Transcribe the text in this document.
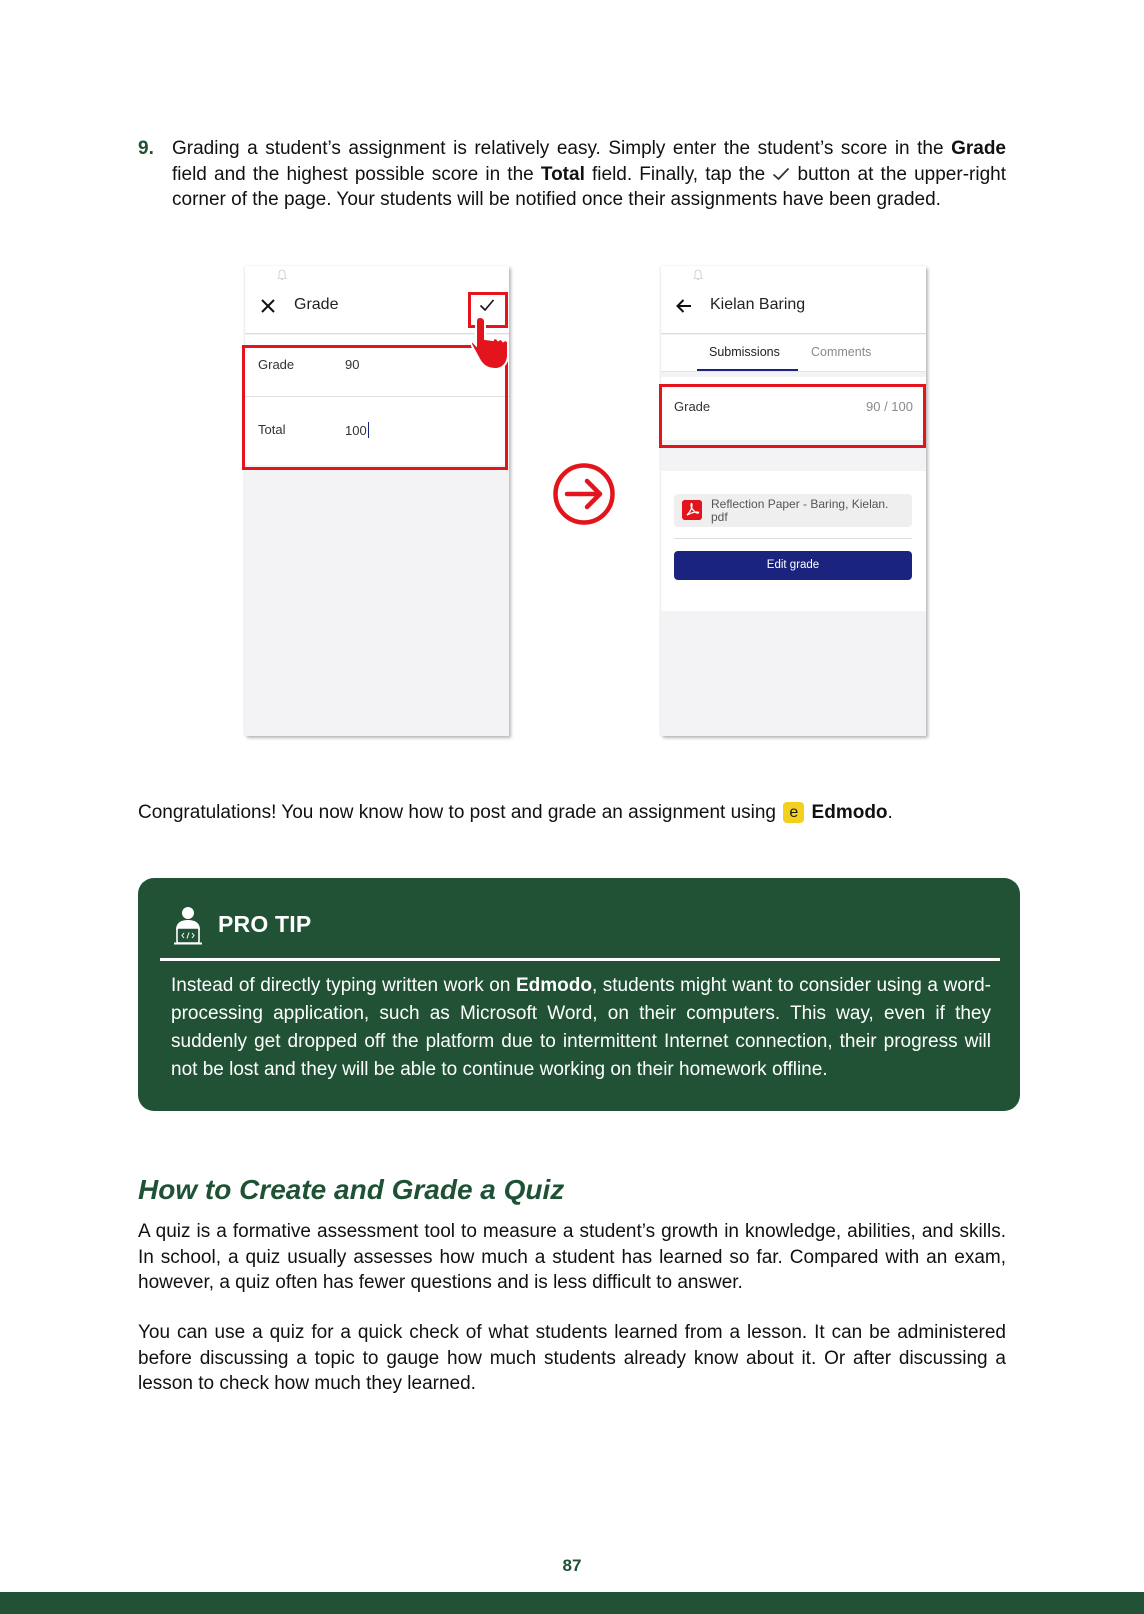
9. Grading a student’s assignment is relatively easy. Simply enter the student’s score in the Grade field and the highest possible score in the Total field. Finally, tap the  button at the upper-right corner of the page. Your students will be notified once their assignments have been graded.
Grade
Grade	90
Total	100
Kielan Baring
Submissions Comments
Grade	90 / 100
Reflection Paper - Baring, Kielan. pdf
Edit grade
Congratulations! You now know how to post and grade an assignment using e Edmodo.
PRO TIP
Instead of directly typing written work on Edmodo, students might want to consider using a word-processing application, such as Microsoft Word, on their computers. This way, even if they suddenly get dropped off the platform due to intermittent Internet connection, their progress will not be lost and they will be able to continue working on their homework offline.
How to Create and Grade a Quiz
A quiz is a formative assessment tool to measure a student’s growth in knowledge, abilities, and skills. In school, a quiz usually assesses how much a student has learned so far. Compared with an exam, however, a quiz often has fewer questions and is less difficult to answer.
You can use a quiz for a quick check of what students learned from a lesson. It can be administered before discussing a topic to gauge how much students already know about it. Or after discussing a lesson to check how much they learned.
87
